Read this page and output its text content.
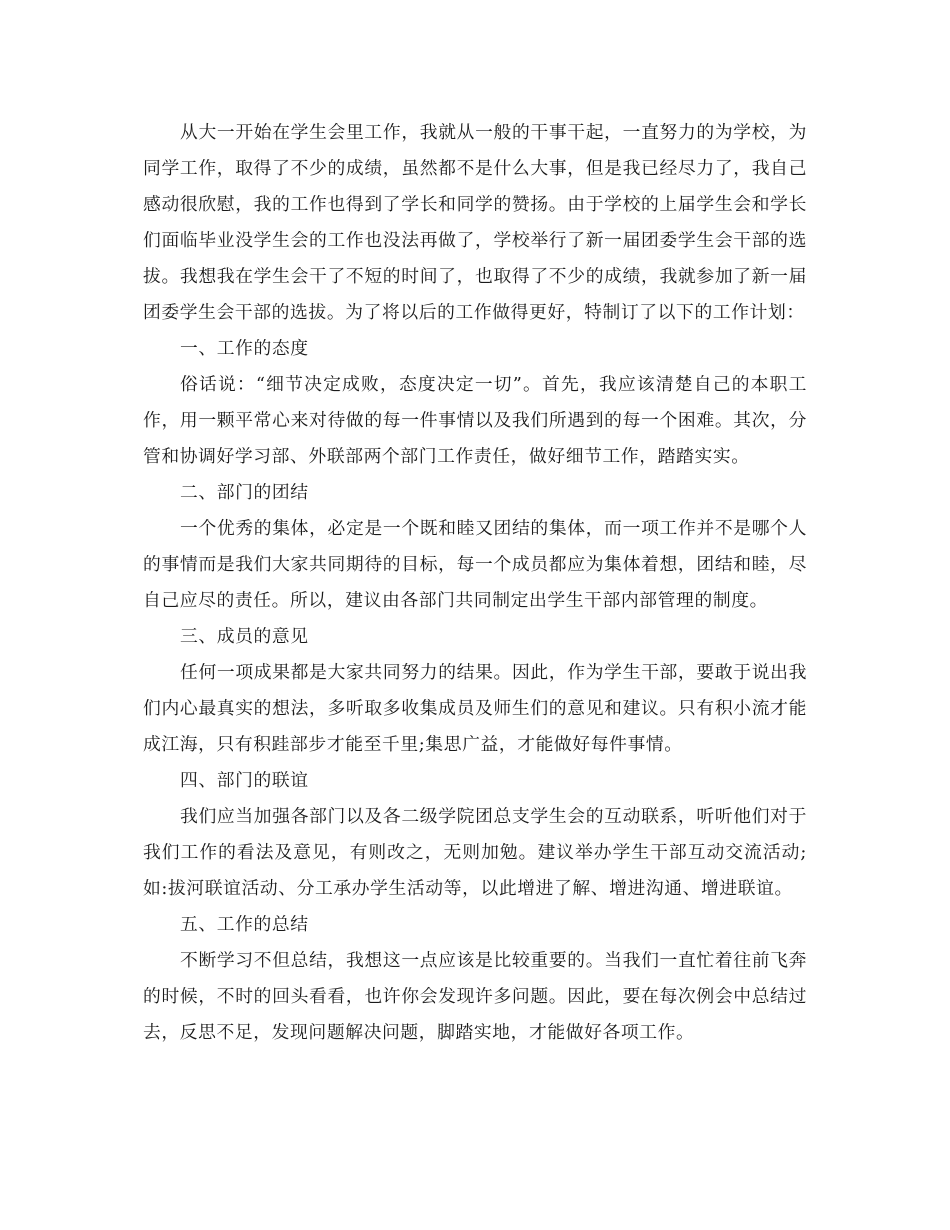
从大一开始在学生会里工作，我就从一般的干事干起，一直努力的为学校，为同学工作，取得了不少的成绩，虽然都不是什么大事，但是我已经尽力了，我自己感动很欣慰，我的工作也得到了学长和同学的赞扬。由于学校的上届学生会和学长们面临毕业没学生会的工作也没法再做了，学校举行了新一届团委学生会干部的选拔。我想我在学生会干了不短的时间了，也取得了不少的成绩，我就参加了新一届团委学生会干部的选拔。为了将以后的工作做得更好，特制订了以下的工作计划：

一、工作的态度

俗话说：“细节决定成败，态度决定一切”。首先，我应该清楚自己的本职工作，用一颗平常心来对待做的每一件事情以及我们所遇到的每一个困难。其次，分管和协调好学习部、外联部两个部门工作责任，做好细节工作，踏踏实实。

二、部门的团结

一个优秀的集体，必定是一个既和睦又团结的集体，而一项工作并不是哪个人的事情而是我们大家共同期待的目标，每一个成员都应为集体着想，团结和睦，尽自己应尽的责任。所以，建议由各部门共同制定出学生干部内部管理的制度。

三、成员的意见

任何一项成果都是大家共同努力的结果。因此，作为学生干部，要敢于说出我们内心最真实的想法，多听取多收集成员及师生们的意见和建议。只有积小流才能成江海，只有积跬部步才能至千里;集思广益，才能做好每件事情。

四、部门的联谊

我们应当加强各部门以及各二级学院团总支学生会的互动联系，听听他们对于我们工作的看法及意见，有则改之，无则加勉。建议举办学生干部互动交流活动;如:拔河联谊活动、分工承办学生活动等，以此增进了解、增进沟通、增进联谊。

五、工作的总结

不断学习不但总结，我想这一点应该是比较重要的。当我们一直忙着往前飞奔的时候，不时的回头看看，也许你会发现许多问题。因此，要在每次例会中总结过去，反思不足，发现问题解决问题，脚踏实地，才能做好各项工作。
